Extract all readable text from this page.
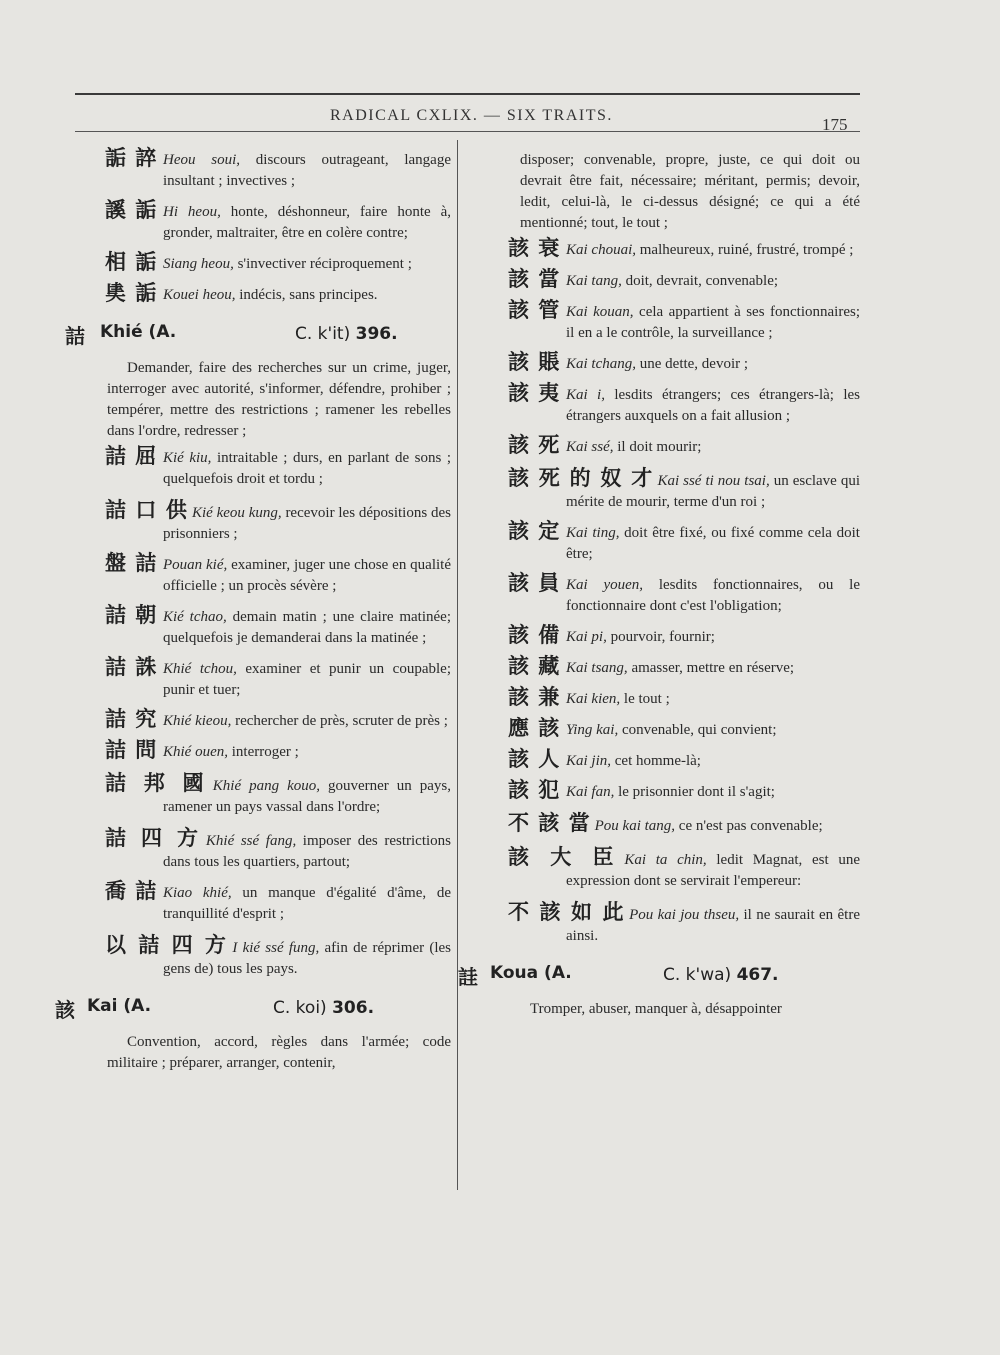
RADICAL CXLIX. — SIX TRAITS.	175
詬 誶 Heou soui, discours outrageant, langage insultant ; invectives ;
謑 詬 Hi heou, honte, déshonneur, faire honte à, gronder, maltraiter, être en colère contre;
相 詬 Siang heou, s'invectiver réciproquement ;
奊 詬 Kouei heou, indécis, sans principes.
詰 Khié (A.	C. k'it) 396.
Demander, faire des recherches sur un crime, juger, interroger avec autorité, s'informer, défendre, prohiber ; tempérer, mettre des restrictions ; ramener les rebelles dans l'ordre, redresser ;
詰 屈 Kié kiu, intraitable ; durs, en parlant de sons ; quelquefois droit et tordu ;
詰 口 供 Kié keou kung, recevoir les dépositions des prisonniers ;
盤 詰 Pouan kié, examiner, juger une chose en qualité officielle ; un procès sévère ;
詰 朝 Kié tchao, demain matin ; une claire matinée; quelquefois je demanderai dans la matinée ;
詰 誅 Khié tchou, examiner et punir un coupable; punir et tuer;
詰 究 Khié kieou, rechercher de près, scruter de près ;
詰 問 Khié ouen, interroger ;
詰 邦 國 Khié pang kouo, gouverner un pays, ramener un pays vassal dans l'ordre;
詰 四 方 Khié ssé fang, imposer des restrictions dans tous les quartiers, partout;
喬 詰 Kiao khié, un manque d'égalité d'âme, de tranquillité d'esprit ;
以 詰 四 方 I kié ssé fung, afin de réprimer (les gens de) tous les pays.
該 Kai (A.	C. koi) 306.
Convention, accord, règles dans l'armée; code militaire ; préparer, arranger, contenir,
disposer; convenable, propre, juste, ce qui doit ou devrait être fait, nécessaire; méritant, permis; devoir, ledit, celui-là, le ci-dessus désigné; ce qui a été mentionné; tout, le tout ;
該 衰 Kai chouai, malheureux, ruiné, frustré, trompé ;
該 當 Kai tang, doit, devrait, convenable;
該 管 Kai kouan, cela appartient à ses fonctionnaires; il en a le contrôle, la surveillance ;
該 賬 Kai tchang, une dette, devoir ;
該 夷 Kai i, lesdits étrangers; ces étrangers-là; les étrangers auxquels on a fait allusion ;
該 死 Kai ssé, il doit mourir;
該 死 的 奴 才 Kai ssé ti nou tsai, un esclave qui mérite de mourir, terme d'un roi ;
該 定 Kai ting, doit être fixé, ou fixé comme cela doit être;
該 員 Kai youen, lesdits fonctionnaires, ou le fonctionnaire dont c'est l'obligation;
該 備 Kai pi, pourvoir, fournir;
該 藏 Kai tsang, amasser, mettre en réserve;
該 兼 Kai kien, le tout ;
應 該 Ying kai, convenable, qui convient;
該 人 Kai jin, cet homme-là;
該 犯 Kai fan, le prisonnier dont il s'agit;
不 該 當 Pou kai tang, ce n'est pas convenable;
該 大 臣 Kai ta chin, ledit Magnat, est une expression dont se servirait l'empereur:
不 該 如 此 Pou kai jou thseu, il ne saurait en être ainsi.
詿 Koua (A.	C. k'wa) 467.
Tromper, abuser, manquer à, désappointer
